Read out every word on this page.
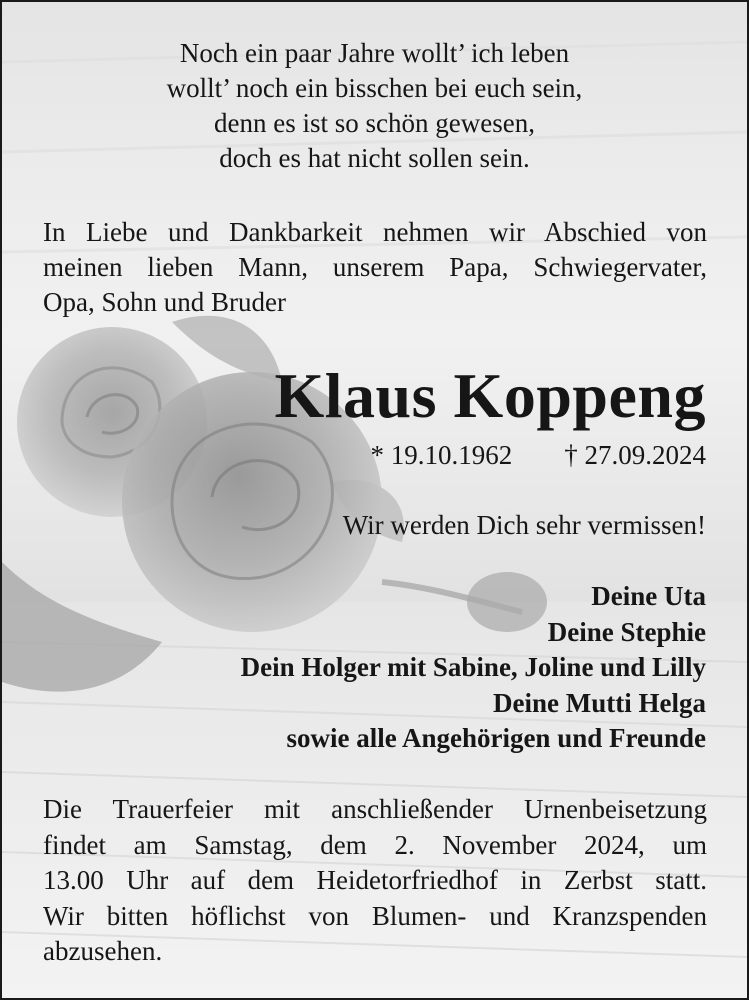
Noch ein paar Jahre wollt’ ich leben
wollt’ noch ein bisschen bei euch sein,
denn es ist so schön gewesen,
doch es hat nicht sollen sein.
In Liebe und Dankbarkeit nehmen wir Abschied von
meinen lieben Mann, unserem Papa, Schwiegervater,
Opa, Sohn und Bruder
Klaus Koppeng
* 19.10.1962 † 27.09.2024
Wir werden Dich sehr vermissen!
Deine Uta
Deine Stephie
Dein Holger mit Sabine, Joline und Lilly
Deine Mutti Helga
sowie alle Angehörigen und Freunde
Die Trauerfeier mit anschließender Urnenbeisetzung
findet am Samstag, dem 2. November 2024, um
13.00 Uhr auf dem Heidetorfriedhof in Zerbst statt.
Wir bitten höflichst von Blumen- und Kranzspenden
abzusehen.
